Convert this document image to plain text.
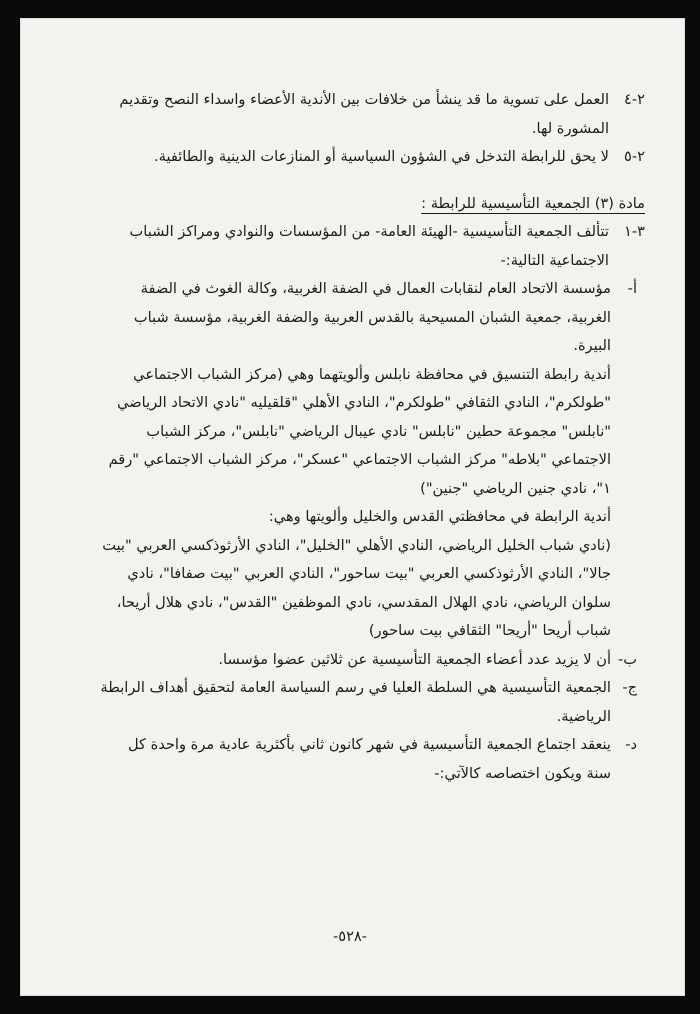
٢-٤
العمل على تسوية ما قد ينشأ من خلافات بين الأندية الأعضاء واسداء النصح وتقديم المشورة لها.

٢-٥
لا يحق للرابطة التدخل في الشؤون السياسية أو المنازعات الدينية والطائفية.

مادة (٣) الجمعية التأسيسية للرابطة :

٣-١
تتألف الجمعية التأسيسية -الهيئة العامة- من المؤسسات والنوادي ومراكز الشباب الاجتماعية التالية:-

أ-
مؤسسة الاتحاد العام لنقابات العمال في الضفة الغربية، وكالة الغوث في الضفة الغربية، جمعية الشبان المسيحية بالقدس العربية والضفة الغربية، مؤسسة شباب البيرة.

أندية رابطة التنسيق في محافظة نابلس وألويتهما وهي (مركز الشباب الاجتماعي "طولكرم"، النادي الثقافي "طولكرم"، النادي الأهلي "قلقيليه "نادي الاتحاد الرياضي "نابلس" مجموعة حطين "نابلس" نادي عيبال الرياضي "نابلس"، مركز الشباب الاجتماعي "بلاطه" مركز الشباب الاجتماعي "عسكر"، مركز الشباب الاجتماعي "رقم ١"، نادي جنين الرياضي "جنين")

أندية الرابطة في محافظتي القدس والخليل وألويتها وهي:

(نادي شباب الخليل الرياضي، النادي الأهلي "الخليل"، النادي الأرثوذكسي العربي "بيت جالا"، النادي الأرثوذكسي العربي "بيت ساحور"، النادي العربي "بيت صفافا"، نادي سلوان الرياضي، نادي الهلال المقدسي، نادي الموظفين "القدس"، نادي هلال أريحا، شباب أريحا "أريحا" الثقافي بيت ساحور)

ب-
أن لا يزيد عدد أعضاء الجمعية التأسيسية عن ثلاثين عضوا مؤسسا.

ج-
الجمعية التأسيسية هي السلطة العليا في رسم السياسة العامة لتحقيق أهداف الرابطة الرياضية.

د-
ينعقد اجتماع الجمعية التأسيسية في شهر كانون ثاني بأكثرية عادية مرة واحدة كل سنة ويكون اختصاصه كالآتي:-

-٥٢٨-
